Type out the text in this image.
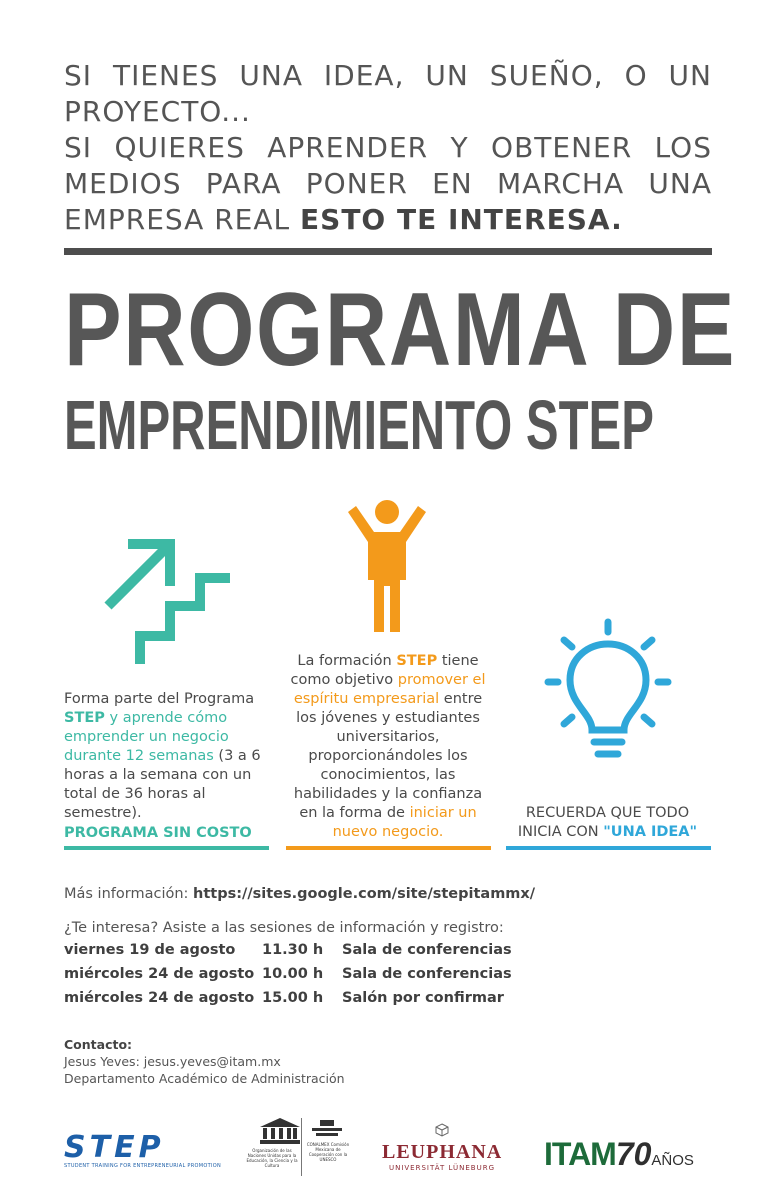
SI TIENES UNA IDEA, UN SUEÑO, O UN
PROYECTO...
SI QUIERES APRENDER Y OBTENER LOS
MEDIOS PARA PONER EN MARCHA UNA
EMPRESA REAL ESTO TE INTERESA.
PROGRAMA DE
EMPRENDIMIENTO STEP
Forma parte del Programa STEP y aprende cómo emprender un negocio durante 12 semanas (3 a 6 horas a la semana con un total de 36 horas al semestre).
PROGRAMA SIN COSTO
La formación STEP tiene como objetivo promover el espíritu empresarial entre los jóvenes y estudiantes universitarios, proporcionándoles los conocimientos, las habilidades y la confianza en la forma de iniciar un nuevo negocio.
RECUERDA QUE TODO INICIA CON "UNA IDEA"
Más información: https://sites.google.com/site/stepitammx/
¿Te interesa? Asiste a las sesiones de información y registro:
viernes 19 de agosto 11.30 h Sala de conferencias
miércoles 24 de agosto 10.00 h Sala de conferencias
miércoles 24 de agosto 15.00 h Salón por confirmar
Contacto:
Jesus Yeves: jesus.yeves@itam.mx
Departamento Académico de Administración
STEP
STUDENT TRAINING FOR ENTREPRENEURIAL PROMOTION
Organización de las Naciones Unidas para la Educación, la Ciencia y la Cultura
CONALMEX Comisión Mexicana de Cooperación con la UNESCO	LEUPHANA
UNIVERSITÄT LÜNEBURG ITAM70AÑOS
